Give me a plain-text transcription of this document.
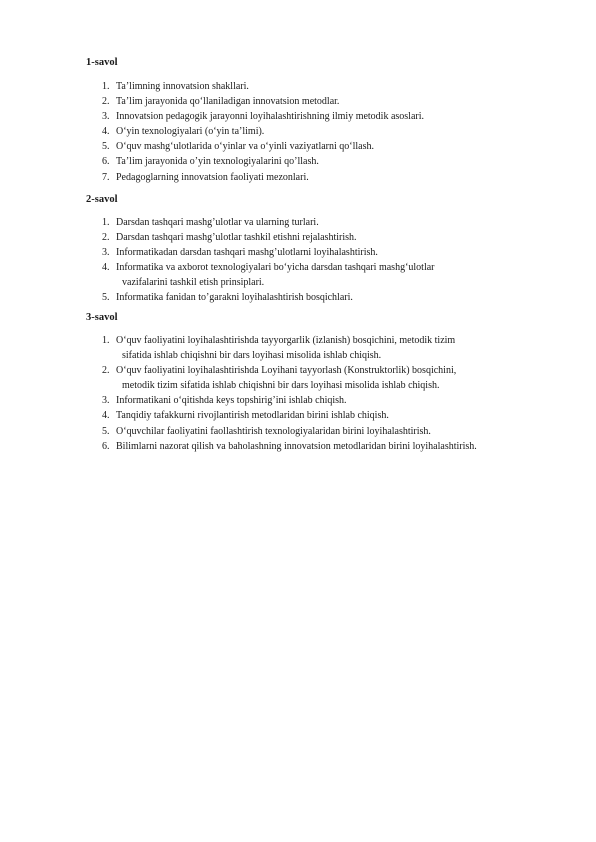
1-savol
1. Ta’limning innovatsion shakllari.
2. Ta’lim jarayonida qo‘llaniladigan innovatsion metodlar.
3. Innovatsion pedagogik jarayonni loyihalashtirishning ilmiy metodik asoslari.
4. O‘yin texnologiyalari (o‘yin ta’limi).
5. O‘quv mashg‘ulotlarida o‘yinlar va o‘yinli vaziyatlarni qo‘llash.
6. Ta’lim jarayonida o’yin texnologiyalarini qo’llash.
7. Pedagoglarning innovatsion faoliyati mezonlari.
2-savol
1. Darsdan tashqari mashg’ulotlar va ularning turlari.
2. Darsdan tashqari mashg’ulotlar tashkil etishni rejalashtirish.
3. Informatikadan darsdan tashqari mashg’ulotlarni loyihalashtirish.
4. Informatika va axborot texnologiyalari bo‘yicha darsdan tashqari mashg‘ulotlar
vazifalarini tashkil etish prinsiplari.
5. Informatika fanidan to’garakni loyihalashtirish bosqichlari.
3-savol
1. O‘quv faoliyatini loyihalashtirishda tayyorgarlik (izlanish) bosqichini, metodik tizim
sifatida ishlab chiqishni bir dars loyihasi misolida ishlab chiqish.
2. O‘quv faoliyatini loyihalashtirishda Loyihani tayyorlash (Konstruktorlik) bosqichini,
metodik tizim sifatida ishlab chiqishni bir dars loyihasi misolida ishlab chiqish.
3. Informatikani o‘qitishda keys topshirig’ini ishlab chiqish.
4. Tanqidiy tafakkurni rivojlantirish metodlaridan birini ishlab chiqish.
5. O‘quvchilar faoliyatini faollashtirish texnologiyalaridan birini loyihalashtirish.
6. Bilimlarni nazorat qilish va baholashning innovatsion metodlaridan birini loyihalashtirish.
